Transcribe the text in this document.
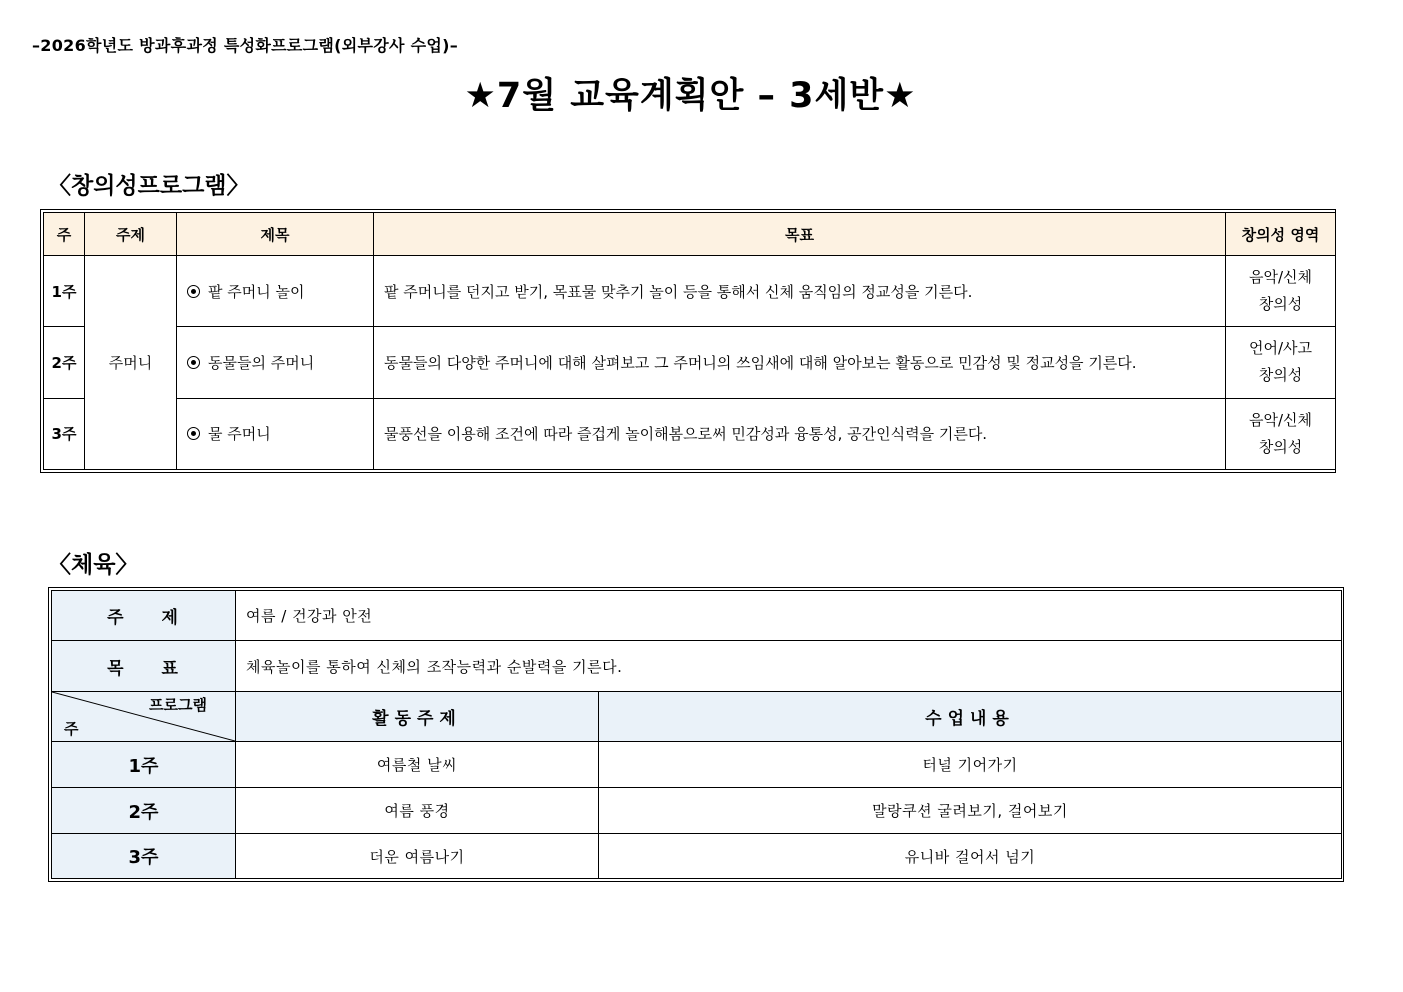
–2026학년도 방과후과정 특성화프로그램(외부강사 수업)–
★7월 교육계획안 – 3세반★
〈창의성프로그램〉
주	주제	제목	목표	창의성 영역
1주	주머니	팥 주머니 놀이	팥 주머니를 던지고 받기, 목표물 맞추기 놀이 등을 통해서 신체 움직임의 정교성을 기른다.	음악/신체
창의성

2주		동물들의 주머니	동물들의 다양한 주머니에 대해 살펴보고 그 주머니의 쓰임새에 대해 알아보는 활동으로 민감성 및 정교성을 기른다.	언어/사고
창의성

3주		물 주머니	물풍선을 이용해 조건에 따라 즐겁게 놀이해봄으로써 민감성과 융통성, 공간인식력을 기른다.	음악/신체
창의성
〈체육〉
주 제	여름 / 건강과 안전	
목 표	체육놀이를 통하여 신체의 조작능력과 순발력을 기른다.	

프로그램
주	활동주제	수업내용
1주	여름철 날씨	터널 기어가기
2주	여름 풍경	말랑쿠션 굴려보기, 걸어보기
3주	더운 여름나기	유니바 걸어서 넘기
